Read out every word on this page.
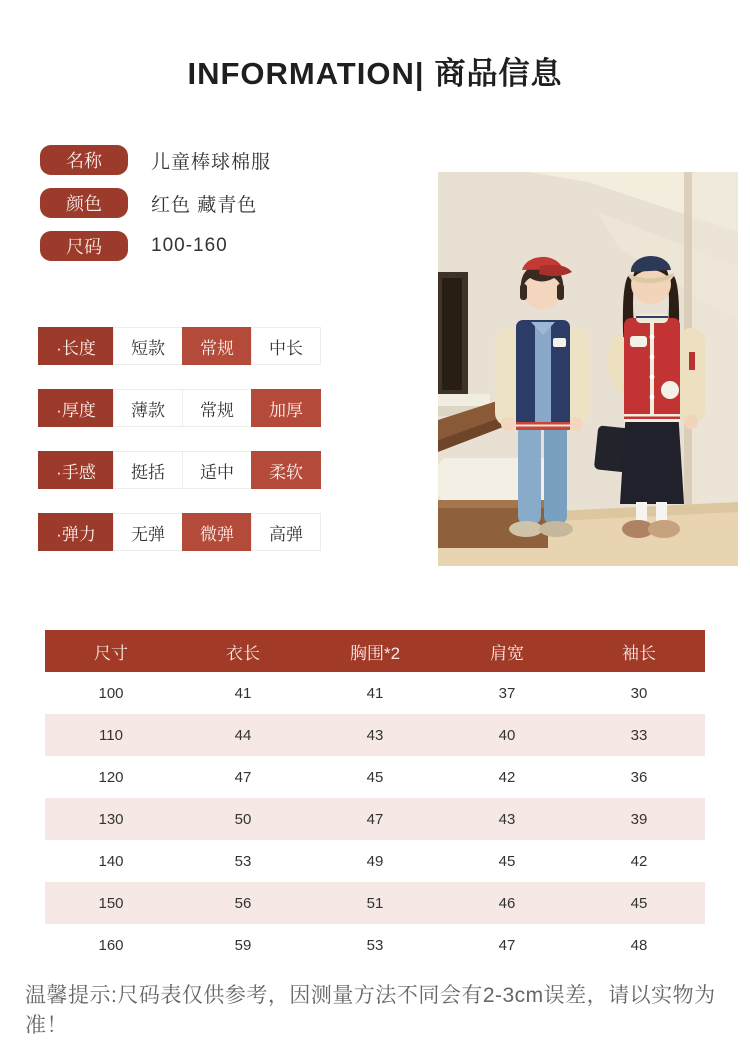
INFORMATION| 商品信息
名称	儿童棒球棉服
颜色	红色 藏青色
尺码	100-160
·长度	短款	常规	中长
·厚度	薄款	常规	加厚
·手感	挺括	适中	柔软
·弹力	无弹	微弹	高弹
尺寸	衣长	胸围*2	肩宽	袖长
100	41	41	37	30
110	44	43	40	33
120	47	45	42	36
130	50	47	43	39
140	53	49	45	42
150	56	51	46	45
160	59	53	47	48

温馨提示:尺码表仅供参考，因测量方法不同会有2-3cm误差，请以实物为准！
